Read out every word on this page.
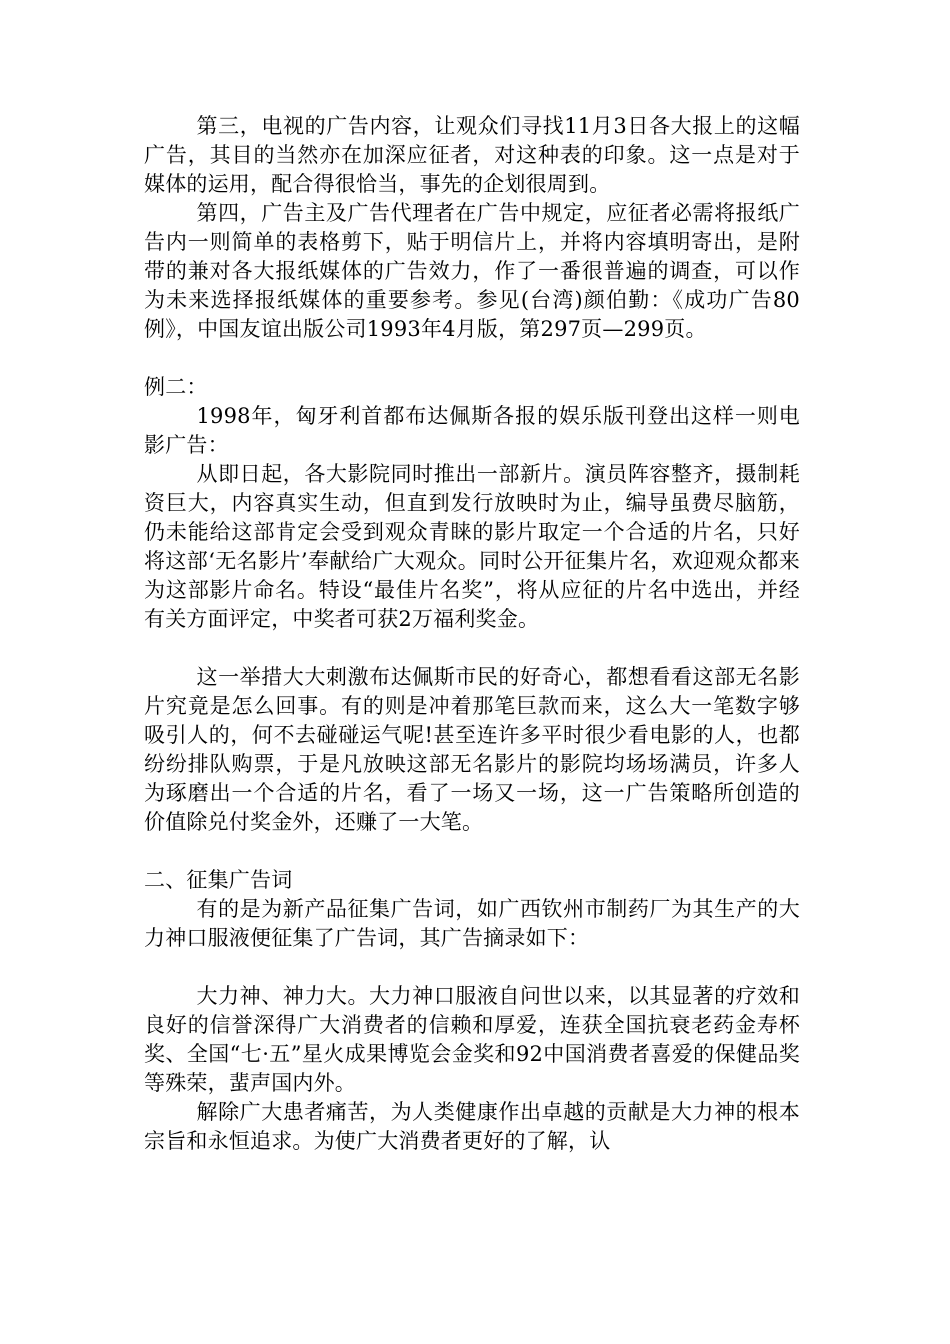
第三，电视的广告内容，让观众们寻找11月3日各大报上的这幅广告，其目的当然亦在加深应征者，对这种表的印象。这一点是对于媒体的运用，配合得很恰当，事先的企划很周到。

第四，广告主及广告代理者在广告中规定，应征者必需将报纸广告内一则简单的表格剪下，贴于明信片上，并将内容填明寄出，是附带的兼对各大报纸媒体的广告效力，作了一番很普遍的调查，可以作为未来选择报纸媒体的重要参考。参见(台湾)颜伯勤：《成功广告80 例》，中国友谊出版公司1993年4月版，第297页—299页。

例二：

1998年，匈牙利首都布达佩斯各报的娱乐版刊登出这样一则电影广告：

从即日起，各大影院同时推出一部新片。演员阵容整齐，摄制耗资巨大，内容真实生动，但直到发行放映时为止，编导虽费尽脑筋，仍未能给这部肯定会受到观众青睐的影片取定一个合适的片名，只好将这部‘无名影片’奉献给广大观众。同时公开征集片名，欢迎观众都来为这部影片命名。特设“最佳片名奖”，将从应征的片名中选出，并经有关方面评定，中奖者可获2万福利奖金。

这一举措大大刺激布达佩斯市民的好奇心，都想看看这部无名影片究竟是怎么回事。有的则是冲着那笔巨款而来，这么大一笔数字够吸引人的，何不去碰碰运气呢!甚至连许多平时很少看电影的人，也都纷纷排队购票，于是凡放映这部无名影片的影院均场场满员，许多人为琢磨出一个合适的片名，看了一场又一场，这一广告策略所创造的价值除兑付奖金外，还赚了一大笔。

二、征集广告词

有的是为新产品征集广告词，如广西钦州市制药厂为其生产的大力神口服液便征集了广告词，其广告摘录如下：

大力神、神力大。大力神口服液自问世以来，以其显著的疗效和良好的信誉深得广大消费者的信赖和厚爱，连获全国抗衰老药金寿杯奖、全国“七·五”星火成果博览会金奖和92中国消费者喜爱的保健品奖等殊荣，蜚声国内外。

解除广大患者痛苦，为人类健康作出卓越的贡献是大力神的根本宗旨和永恒追求。为使广大消费者更好的了解，认
